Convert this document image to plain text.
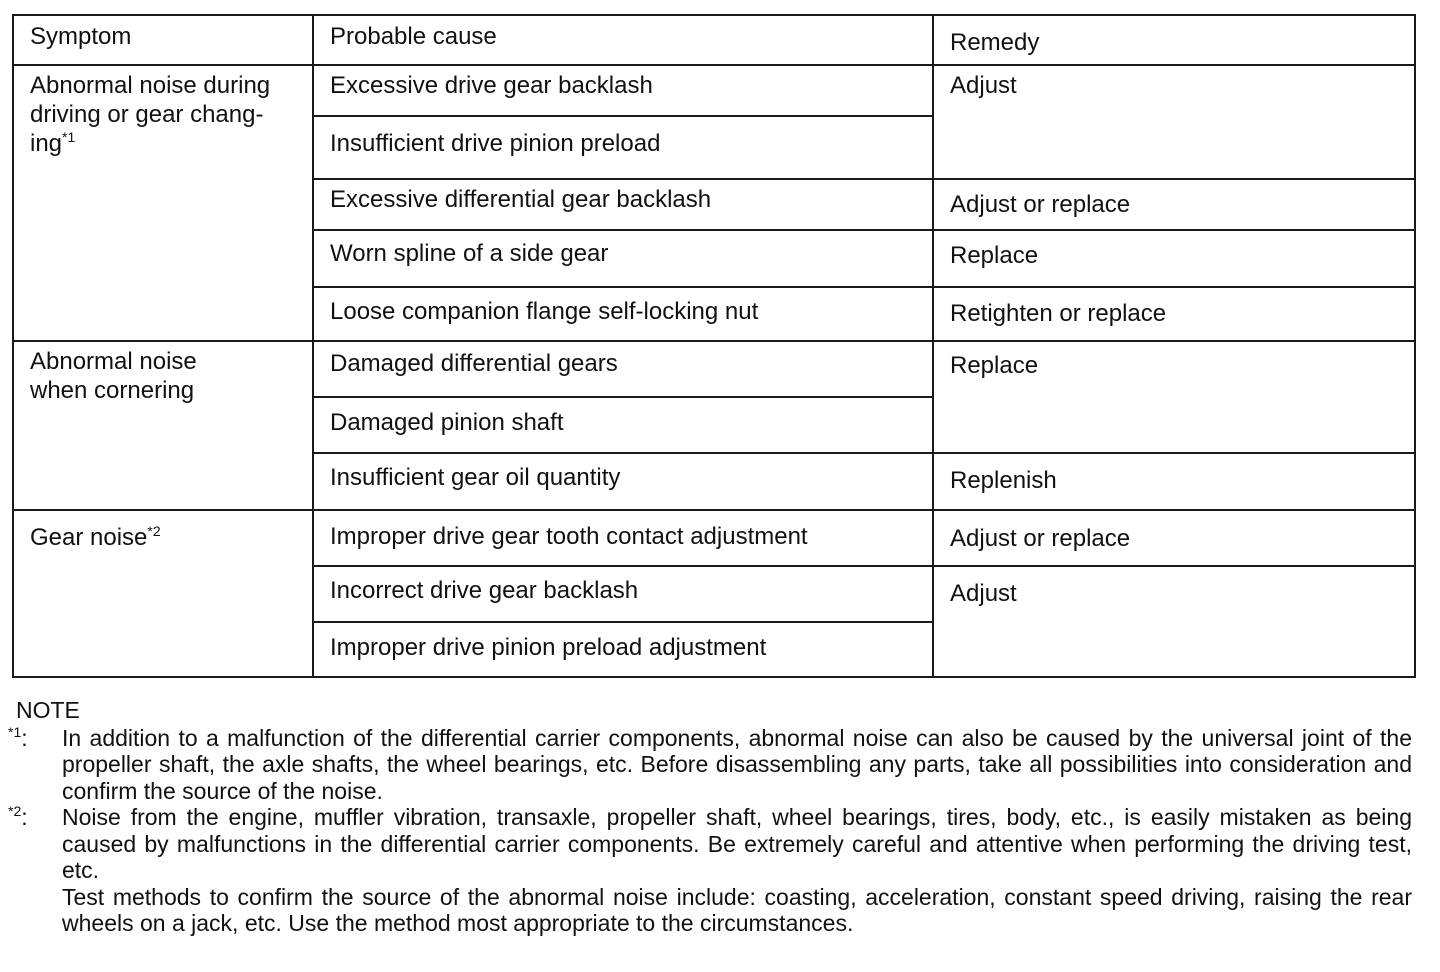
Symptom	Probable cause	Remedy
Abnormal noise during driving or gear chang-ing$^{*1}$	Excessive drive gear backlash	Adjust
	Insufficient drive pinion preload	
	Excessive differential gear backlash	Adjust or replace
	Worn spline of a side gear	Replace
	Loose companion flange self-locking nut	Retighten or replace
Abnormal noise when cornering	Damaged differential gears	Replace
	Damaged pinion shaft	
	Insufficient gear oil quantity	Replenish
Gear noise$^{*2}$	Improper drive gear tooth contact adjustment	Adjust or replace
	Incorrect drive gear backlash	Adjust
	Improper drive pinion preload adjustment	
NOTE
$^{*1}$: In addition to a malfunction of the differential carrier components, abnormal noise can also be caused by the universal joint of the propeller shaft, the axle shafts, the wheel bearings, etc. Before disassembling any parts, take all possibilities into consideration and confirm the source of the noise.

$^{*2}$: Noise from the engine, muffler vibration, transaxle, propeller shaft, wheel bearings, tires, body, etc., is easily mistaken as being caused by malfunctions in the differential carrier components. Be extremely careful and attentive when performing the driving test, etc.

Test methods to confirm the source of the abnormal noise include: coasting, acceleration, constant speed driving, raising the rear wheels on a jack, etc. Use the method most appropriate to the circumstances.
